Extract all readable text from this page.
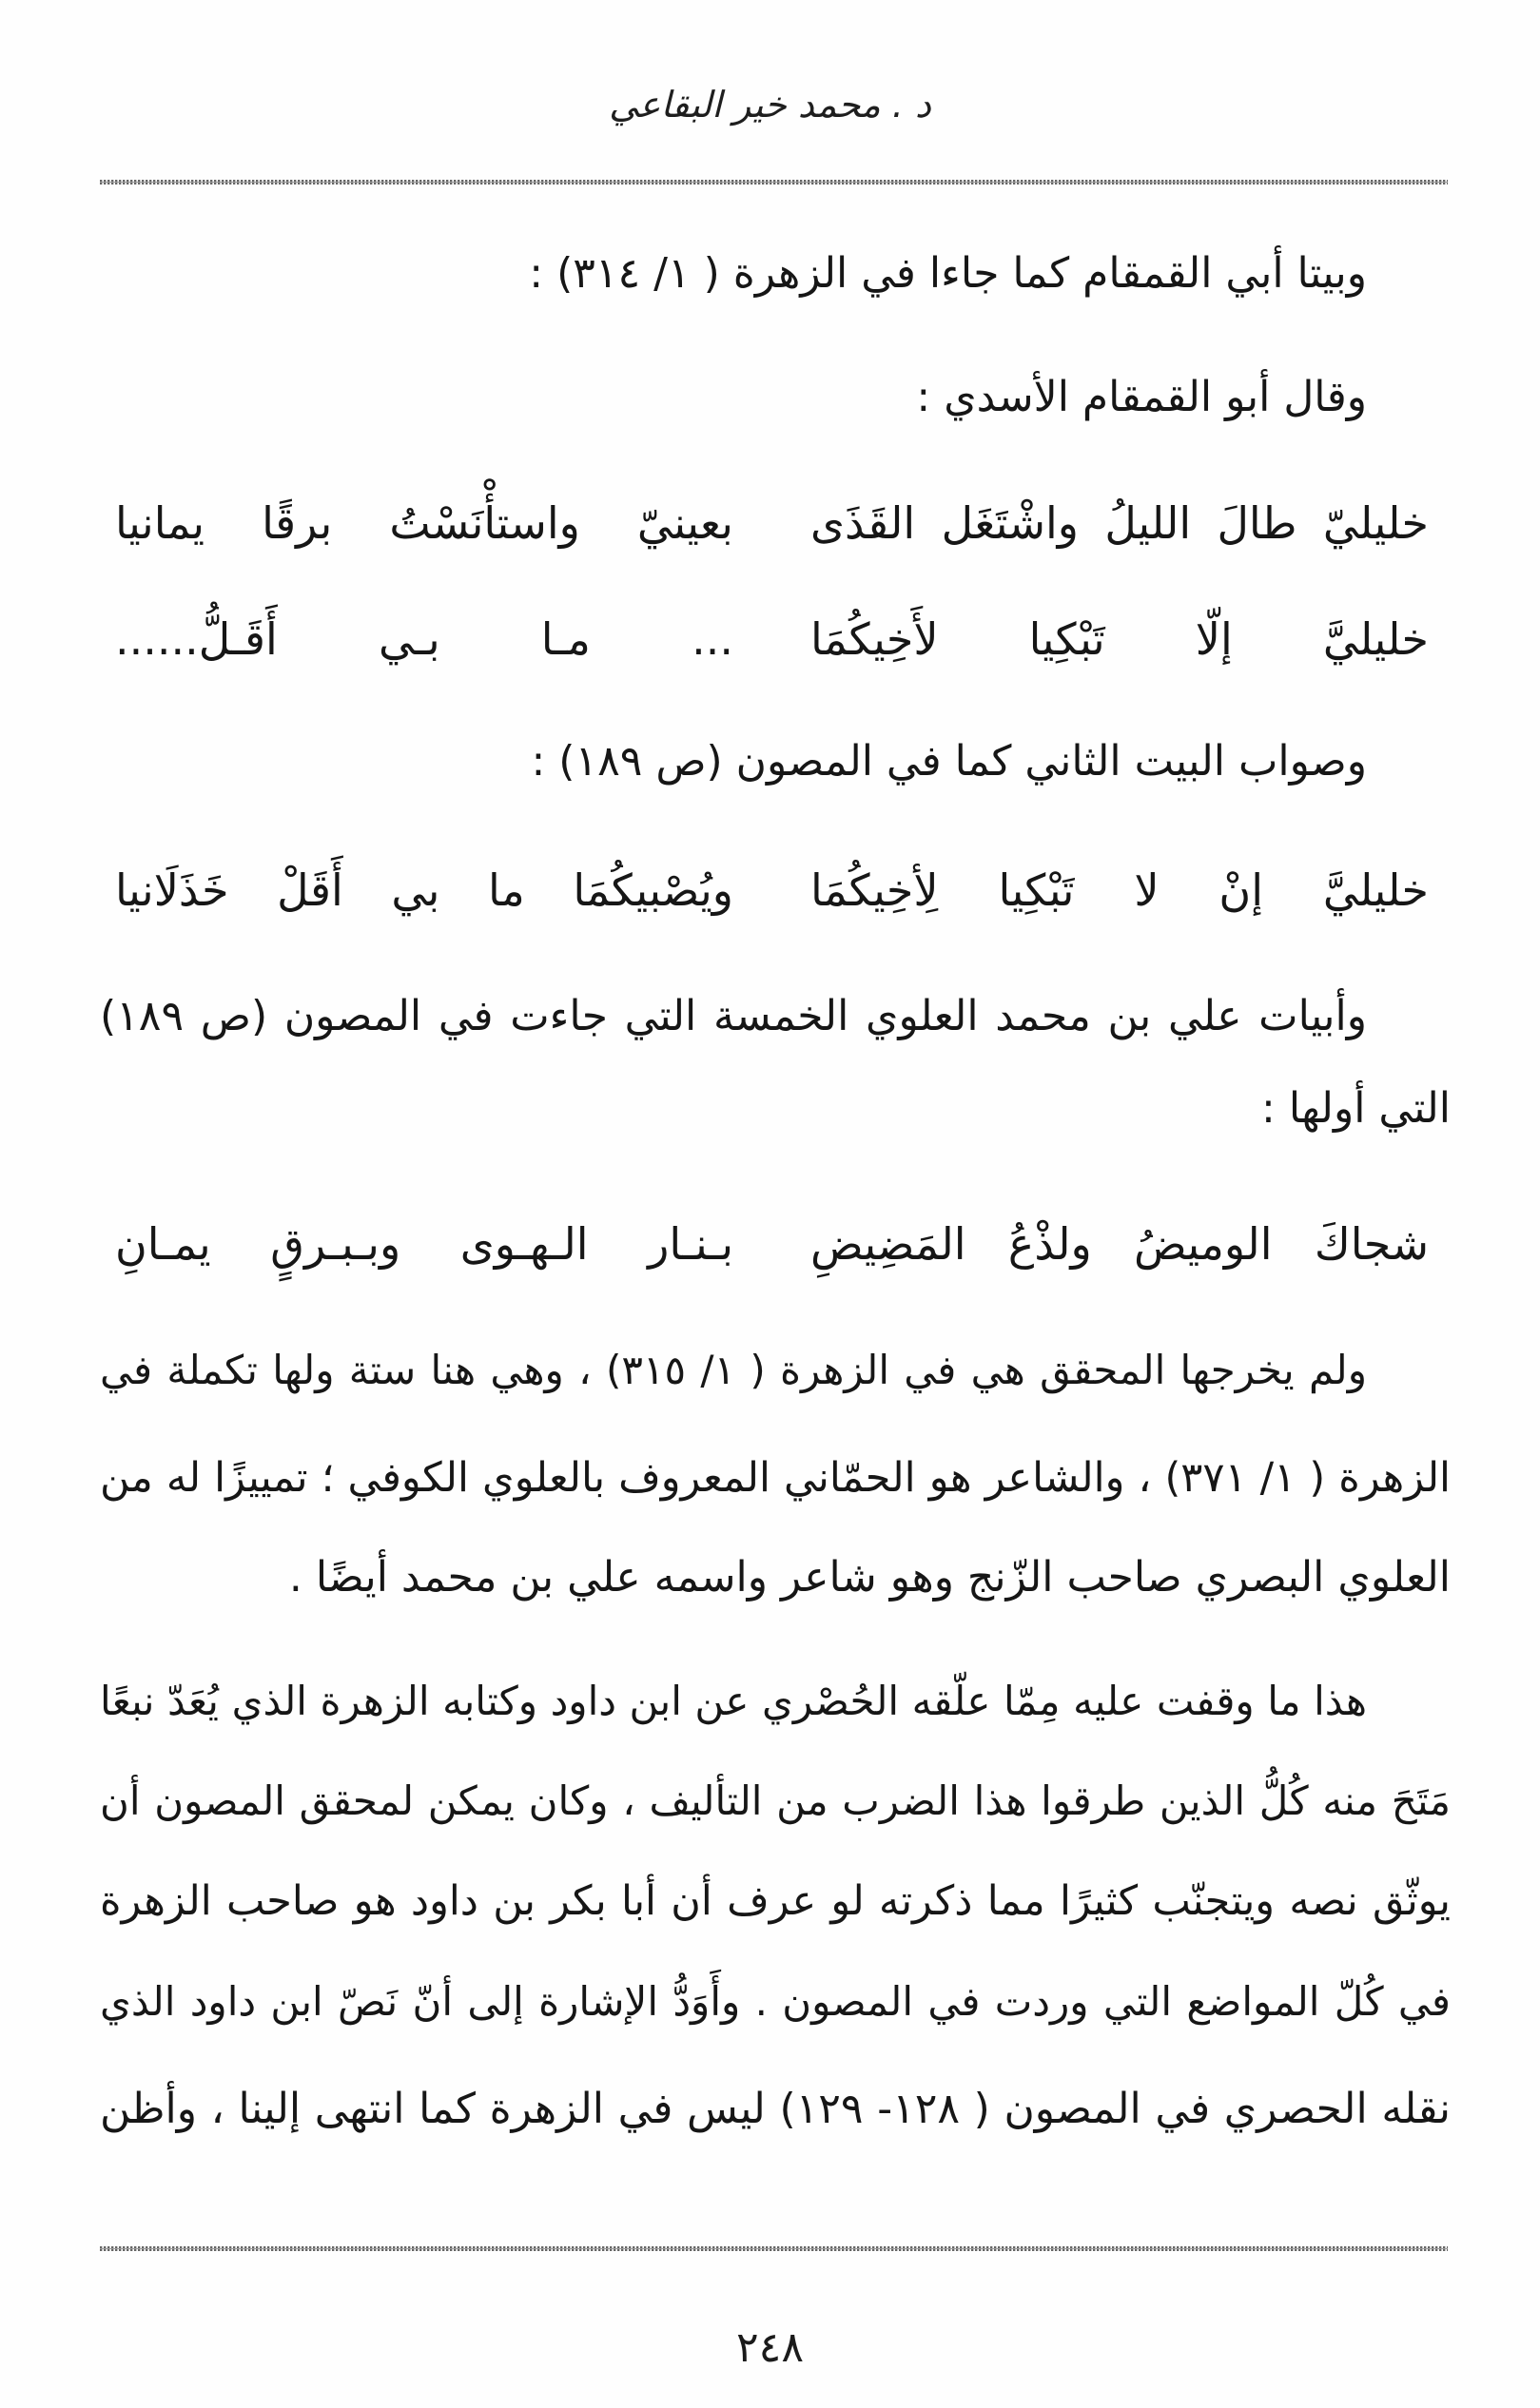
د . محمد خير البقاعي
وبيتا أبي القمقام كما جاءا في الزهرة ( ١/ ٣١٤) :
وقال أبو القمقام الأسدي :
خليليّ طالَ الليلُ واشْتَغَل القَذَى
بعينيّ واستأْنَسْتُ برقًا يمانيا
خليليَّ إلّا تَبْكِيا لأَخِيكُمَا
... مـا بـي أَقَـلُّ......
وصواب البيت الثاني كما في المصون (ص ١٨٩) :
خليليَّ إنْ لا تَبْكِيا لِأخِيكُمَا
ويُصْبيكُمَا ما بي أَقَلْ خَذَلَانيا
وأبيات علي بن محمد العلوي الخمسة التي جاءت في المصون (ص ١٨٩)
التي أولها :
شجاكَ الوميضُ ولذْعُ المَضِيضِ
بـنـار الـهـوى وبـبـرقٍ يمـانِ
ولم يخرجها المحقق هي في الزهرة ( ١/ ٣١٥) ، وهي هنا ستة ولها تكملة في
الزهرة ( ١/ ٣٧١) ، والشاعر هو الحمّاني المعروف بالعلوي الكوفي ؛ تمييزًا له من
العلوي البصري صاحب الزّنج وهو شاعر واسمه علي بن محمد أيضًا .
هذا ما وقفت عليه مِمّا علّقه الحُصْري عن ابن داود وكتابه الزهرة الذي يُعَدّ نبعًا
مَتَحَ منه كُلُّ الذين طرقوا هذا الضرب من التأليف ، وكان يمكن لمحقق المصون أن
يوثّق نصه ويتجنّب كثيرًا مما ذكرته لو عرف أن أبا بكر بن داود هو صاحب الزهرة
في كُلّ المواضع التي وردت في المصون . وأَوَدُّ الإشارة إلى أنّ نَصّ ابن داود الذي
نقله الحصري في المصون ( ١٢٨- ١٢٩) ليس في الزهرة كما انتهى إلينا ، وأظن
٢٤٨
